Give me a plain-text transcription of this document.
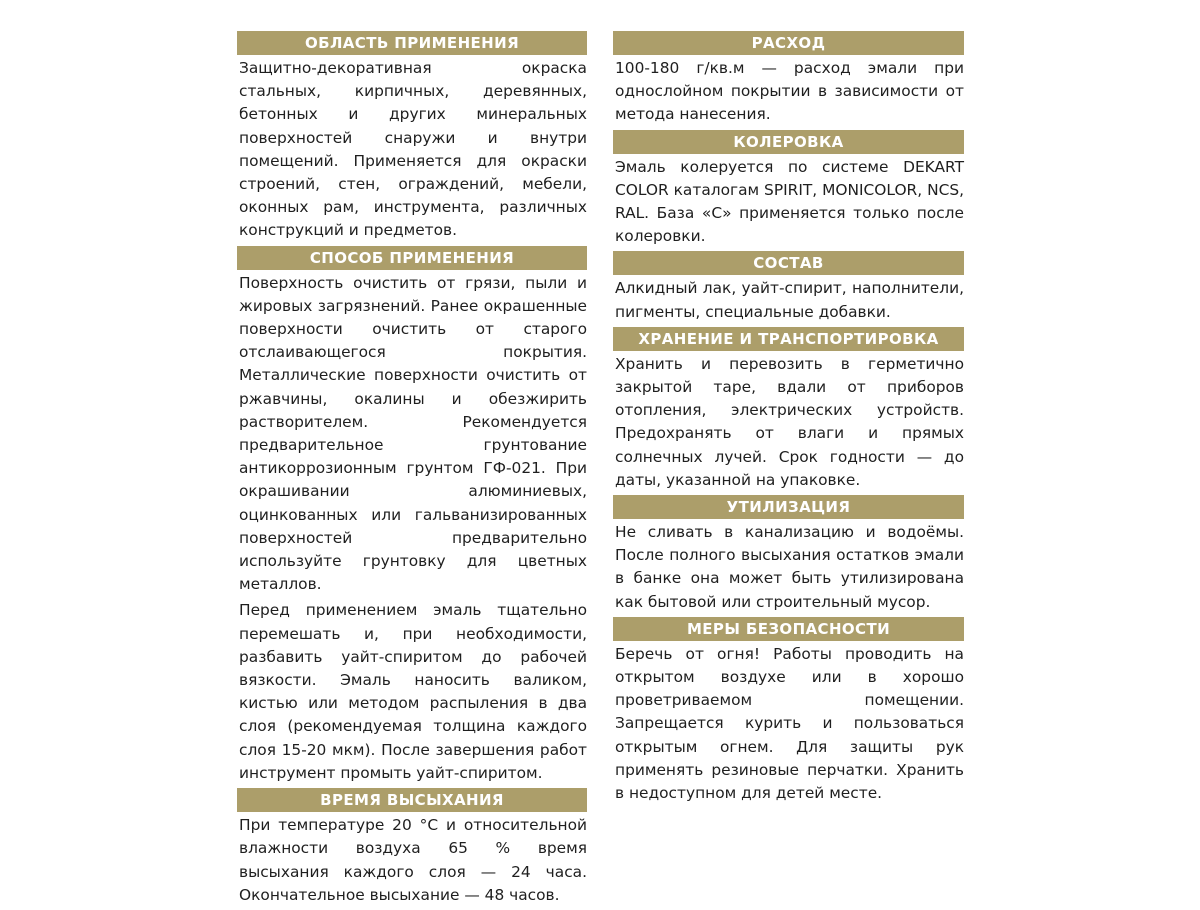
ОБЛАСТЬ ПРИМЕНЕНИЯ

Защитно-декоративная окраска стальных, кирпичных, деревянных, бетонных и других минеральных поверхностей снаружи и внутри помещений. Применяется для окраски строений, стен, ограждений, мебели, оконных рам, инструмента, различных конструкций и предметов.

СПОСОБ ПРИМЕНЕНИЯ

Поверхность очистить от грязи, пыли и жировых загрязнений. Ранее окрашенные поверхности очистить от старого отслаивающегося покрытия. Металлические поверхности очистить от ржавчины, окалины и обезжирить растворителем. Рекомендуется предварительное грунтование антикоррозионным грунтом ГФ-021. При окрашивании алюминиевых, оцинкованных или гальванизированных поверхностей предварительно используйте грунтовку для цветных металлов.

Перед применением эмаль тщательно перемешать и, при необходимости, разбавить уайт-спиритом до рабочей вязкости. Эмаль наносить валиком, кистью или методом распыления в два слоя (рекомендуемая толщина каждого слоя 15-20 мкм). После завершения работ инструмент промыть уайт-спиритом.

ВРЕМЯ ВЫСЫХАНИЯ

При температуре 20 °С и относительной влажности воздуха 65 % время высыхания каждого слоя — 24 часа. Окончательное высыхание — 48 часов.

РАСХОД

100-180 г/кв.м — расход эмали при однослойном покрытии в зависимости от метода нанесения.

КОЛЕРОВКА

Эмаль колеруется по системе DEKART COLOR каталогам SPIRIT, MONICOLOR, NCS, RAL. База «С» применяется только после колеровки.

СОСТАВ

Алкидный лак, уайт-спирит, наполнители, пигменты, специальные добавки.

ХРАНЕНИЕ И ТРАНСПОРТИРОВКА

Хранить и перевозить в герметично закрытой таре, вдали от приборов отопления, электрических устройств. Предохранять от влаги и прямых солнечных лучей. Срок годности — до даты, указанной на упаковке.

УТИЛИЗАЦИЯ

Не сливать в канализацию и водоёмы. После полного высыхания остатков эмали в банке она может быть утилизирована как бытовой или строительный мусор.

МЕРЫ БЕЗОПАСНОСТИ

Беречь от огня! Работы проводить на открытом воздухе или в хорошо проветриваемом помещении. Запрещается курить и пользоваться открытым огнем. Для защиты рук применять резиновые перчатки. Хранить в недоступном для детей месте.
